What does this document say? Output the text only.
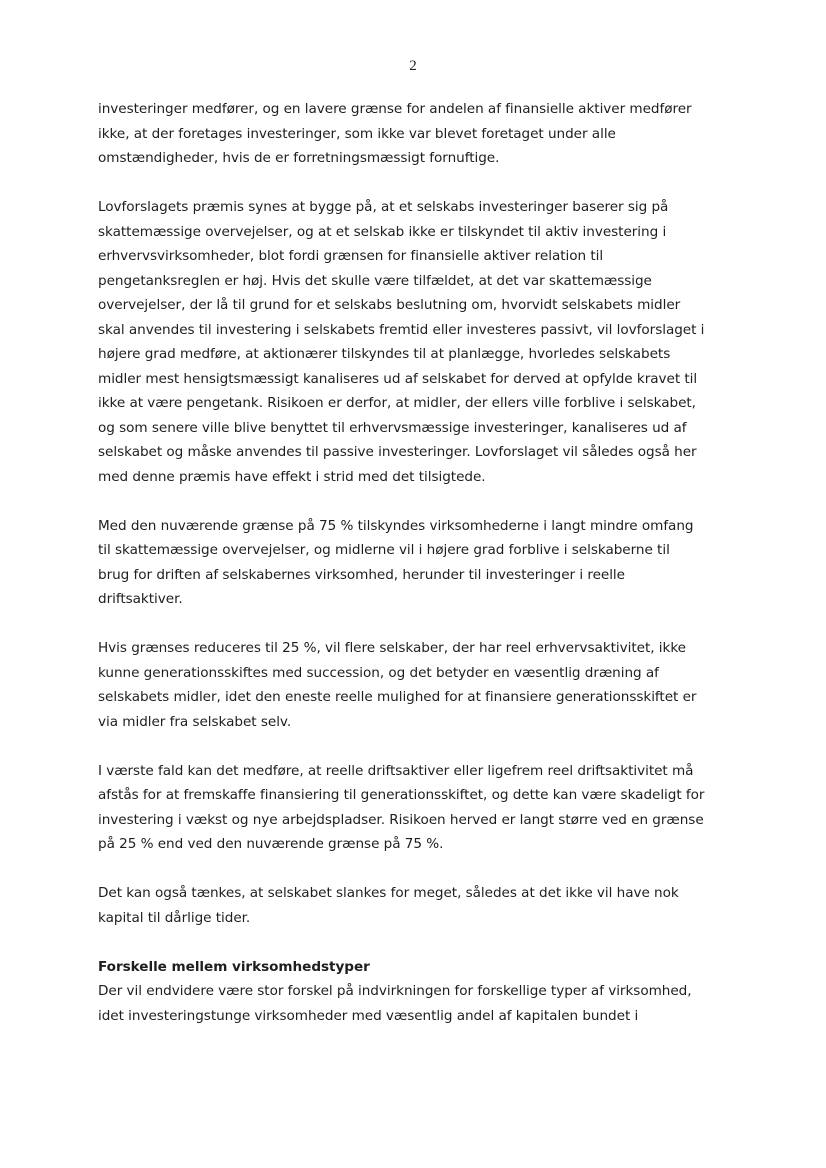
2
investeringer medfører, og en lavere grænse for andelen af finansielle aktiver medfører
ikke, at der foretages investeringer, som ikke var blevet foretaget under alle
omstændigheder, hvis de er forretningsmæssigt fornuftige.
Lovforslagets præmis synes at bygge på, at et selskabs investeringer baserer sig på
skattemæssige overvejelser, og at et selskab ikke er tilskyndet til aktiv investering i
erhvervsvirksomheder, blot fordi grænsen for finansielle aktiver relation til
pengetanksreglen er høj. Hvis det skulle være tilfældet, at det var skattemæssige
overvejelser, der lå til grund for et selskabs beslutning om, hvorvidt selskabets midler
skal anvendes til investering i selskabets fremtid eller investeres passivt, vil lovforslaget i
højere grad medføre, at aktionærer tilskyndes til at planlægge, hvorledes selskabets
midler mest hensigtsmæssigt kanaliseres ud af selskabet for derved at opfylde kravet til
ikke at være pengetank. Risikoen er derfor, at midler, der ellers ville forblive i selskabet,
og som senere ville blive benyttet til erhvervsmæssige investeringer, kanaliseres ud af
selskabet og måske anvendes til passive investeringer. Lovforslaget vil således også her
med denne præmis have effekt i strid med det tilsigtede.
Med den nuværende grænse på 75 % tilskyndes virksomhederne i langt mindre omfang
til skattemæssige overvejelser, og midlerne vil i højere grad forblive i selskaberne til
brug for driften af selskabernes virksomhed, herunder til investeringer i reelle
driftsaktiver.
Hvis grænses reduceres til 25 %, vil flere selskaber, der har reel erhvervsaktivitet, ikke
kunne generationsskiftes med succession, og det betyder en væsentlig dræning af
selskabets midler, idet den eneste reelle mulighed for at finansiere generationsskiftet er
via midler fra selskabet selv.
I værste fald kan det medføre, at reelle driftsaktiver eller ligefrem reel driftsaktivitet må
afstås for at fremskaffe finansiering til generationsskiftet, og dette kan være skadeligt for
investering i vækst og nye arbejdspladser. Risikoen herved er langt større ved en grænse
på 25 % end ved den nuværende grænse på 75 %.
Det kan også tænkes, at selskabet slankes for meget, således at det ikke vil have nok
kapital til dårlige tider.
Forskelle mellem virksomhedstyper
Der vil endvidere være stor forskel på indvirkningen for forskellige typer af virksomhed,
idet investeringstunge virksomheder med væsentlig andel af kapitalen bundet i
